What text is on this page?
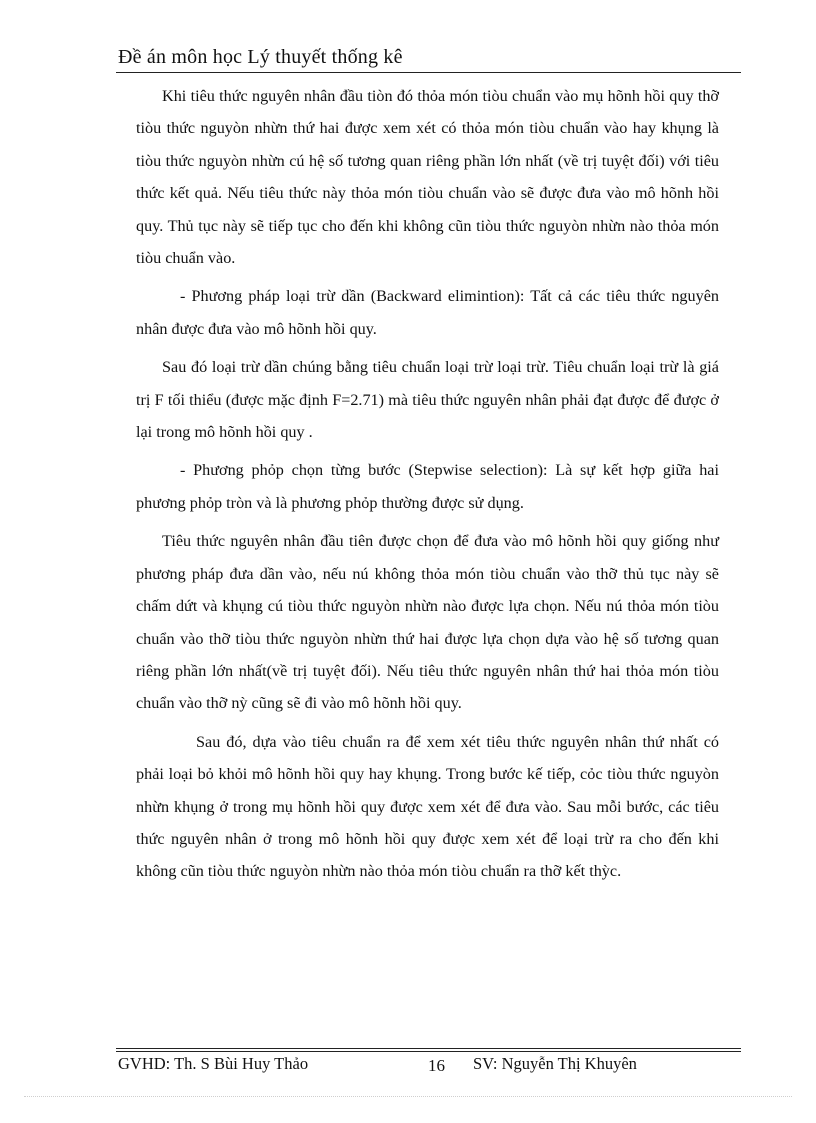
Đề án môn học Lý thuyết thống kê

Khi tiêu thức nguyên nhân đầu tiòn đó thỏa món tiòu chuẩn vào mụ hõnh hồi quy thỡ tiòu thức nguyòn nhừn thứ hai được xem xét có thỏa món tiòu chuẩn vào hay khụng là tiòu thức nguyòn nhừn cú hệ số tương quan riêng phần lớn nhất (về trị tuyệt đối) với tiêu thức kết quả. Nếu tiêu thức này thỏa món tiòu chuẩn vào sẽ được đưa vào mô hõnh hồi quy. Thủ tục này sẽ tiếp tục cho đến khi không cũn tiòu thức nguyòn nhừn nào thỏa món tiòu chuẩn vào.

- Phương pháp loại trừ dần (Backward elimintion): Tất cả các tiêu thức nguyên nhân được đưa vào mô hõnh hồi quy.

Sau đó loại trừ dần chúng bằng tiêu chuẩn loại trừ loại trừ. Tiêu chuẩn loại trừ là giá trị F tối thiểu (được mặc định F=2.71) mà tiêu thức nguyên nhân phải đạt được để được ở lại trong mô hõnh hồi quy .

- Phương phỏp chọn từng bước (Stepwise selection): Là sự kết hợp giữa hai phương phỏp tròn và là phương phỏp thường được sử dụng.

Tiêu thức nguyên nhân đầu tiên được chọn để đưa vào mô hõnh hồi quy giống như phương pháp đưa dần vào, nếu nú không thỏa món tiòu chuẩn vào thỡ thủ tục này sẽ chấm dứt và khụng cú tiòu thức nguyòn nhừn nào được lựa chọn. Nếu nú thỏa món tiòu chuẩn vào thỡ tiòu thức nguyòn nhừn thứ hai được lựa chọn dựa vào hệ số tương quan riêng phần lớn nhất(về trị tuyệt đối). Nếu tiêu thức nguyên nhân thứ hai thỏa món tiòu chuẩn vào thỡ nỳ cũng sẽ đi vào mô hõnh hồi quy.

Sau đó, dựa vào tiêu chuẩn ra để xem xét tiêu thức nguyên nhân thứ nhất có phải loại bỏ khỏi mô hõnh hồi quy hay khụng. Trong bước kế tiếp, cỏc tiòu thức nguyòn nhừn khụng ở trong mụ hõnh hồi quy được xem xét để đưa vào. Sau mỗi bước, các tiêu thức nguyên nhân ở trong mô hõnh hồi quy được xem xét để loại trừ ra cho đến khi không cũn tiòu thức nguyòn nhừn nào thỏa món tiòu chuẩn ra thỡ kết thỳc.

GVHD: Th. S Bùi Huy Thảo	16 SV: Nguyễn Thị Khuyên
